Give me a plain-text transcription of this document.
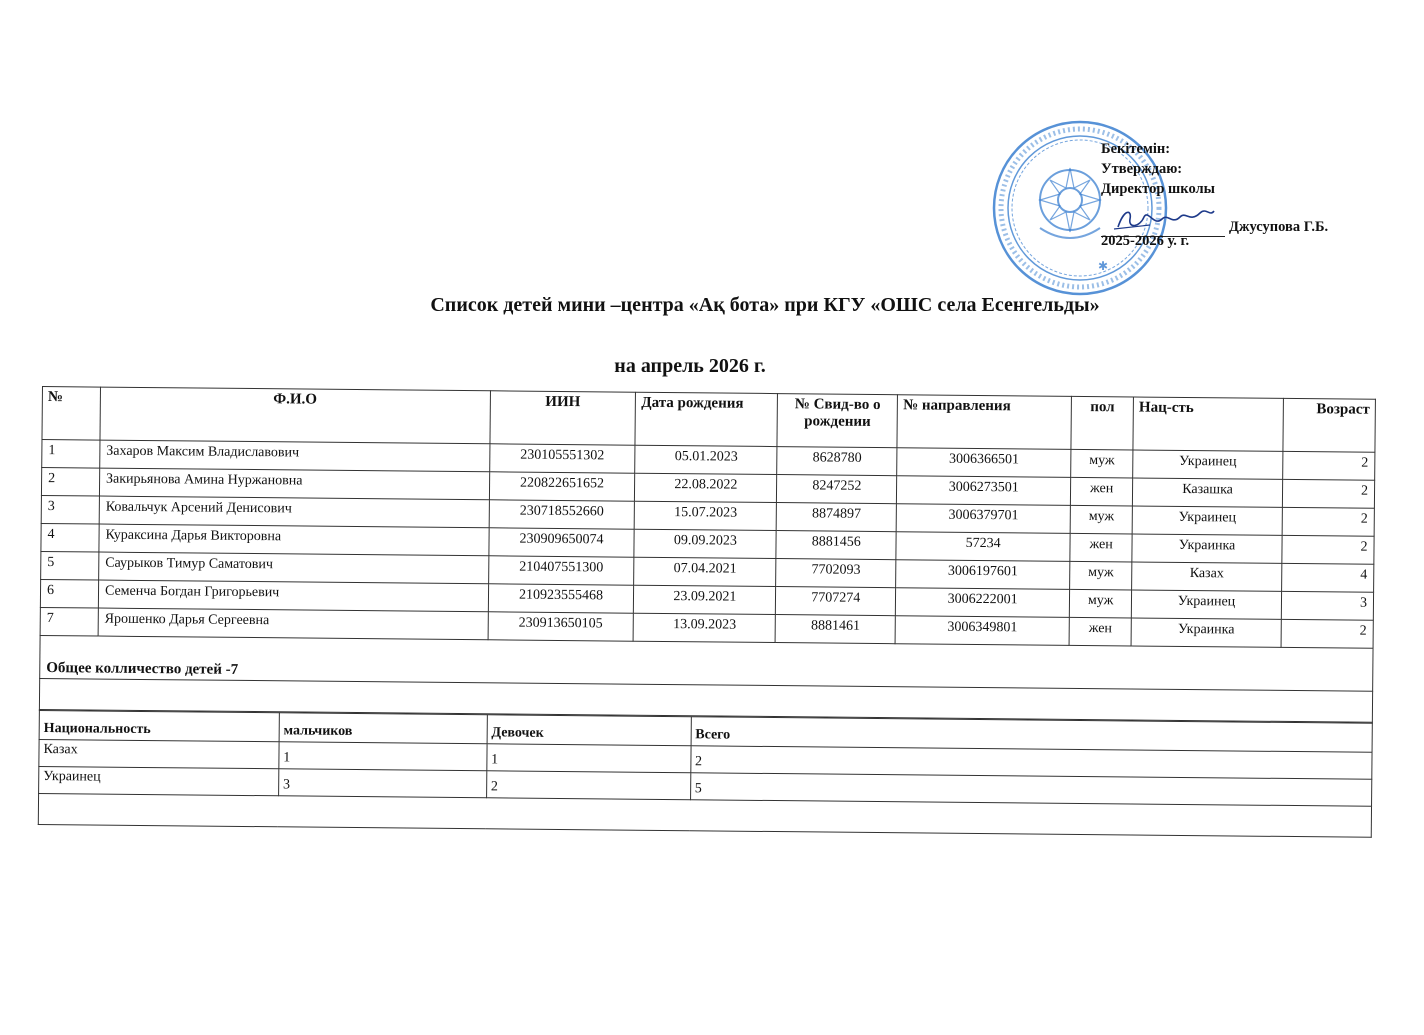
✱
Бекітемін:
Утверждаю:
Директор школы
Джусупова Г.Б.
2025-2026 у. г.
Список детей мини –центра «Ақ бота» при КГУ «ОШС села Есенгельды»
на апрель 2026 г.
№	Ф.И.О	ИИН	Дата рождения	№ Свид-во о рождении	№ направления	пол	Нац-сть	Возраст
1	Захаров Максим Владиславович	230105551302	05.01.2023	8628780	3006366501	муж	Украинец	2
2	Закирьянова Амина Нуржановна	220822651652	22.08.2022	8247252	3006273501	жен	Казашка	2
3	Ковальчук Арсений Денисович	230718552660	15.07.2023	8874897	3006379701	муж	Украинец	2
4	Кураксина Дарья Викторовна	230909650074	09.09.2023	8881456	57234	жен	Украинка	2
5	Саурыков Тимур Саматович	210407551300	07.04.2021	7702093	3006197601	муж	Казах	4
6	Семенча Богдан Григорьевич	210923555468	23.09.2021	7707274	3006222001	муж	Украинец	3
7	Ярошенко Дарья Сергеевна	230913650105	13.09.2023	8881461	3006349801	жен	Украинка	2
Общее колличество детей -7
Национальность	мальчиков	Девочек	Всего
Казах	1	1	2
Украинец	3	2	5
